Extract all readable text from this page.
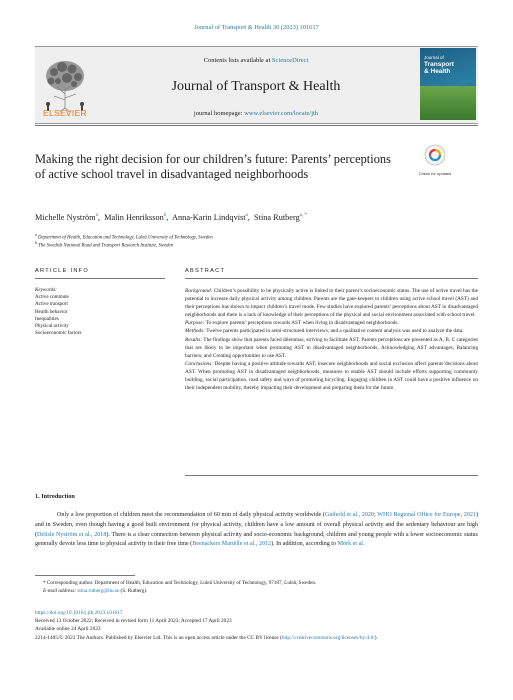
Journal of Transport & Health 30 (2023) 101617
ELSEVIER
Contents lists available at ScienceDirect
Journal of Transport & Health
journal homepage: www.elsevier.com/locate/jth
Journal of
Transport
& Health
Making the right decision for our children’s future: Parents’ perceptions of active school travel in disadvantaged neighborhoods	Check for updates
Michelle Nyström$^a$,  Malin Henriksson$^b$,  Anna-Karin Lindqvist$^a$,  Stina Rutberg$^{a, *}$
$^a$ Department of Health, Education and Technology, Luleå University of Technology, Sweden
$^b$ The Swedish National Road and Transport Research Institute, Sweden
ARTICLE INFO	ABSTRACT
Keywords:
Active commute
Active transport
Health behavior
Inequalities
Physical activity
Socioeconomic factors

Background: Children’s possibility to be physically active is linked to their parent’s socioeconomic status. The use of active travel has the potential to increase daily physical activity among children. Parents are the gate-keepers to children using active school travel (AST) and their perceptions has shown to impact children’s travel mode. Few studies have explored parents’ perceptions about AST in disadvantaged neighborhoods and there is a lack of knowledge of their perceptions of the physical and social environment associated with school travel.

Purpose: To explore parents’ perceptions towards AST when living in disadvantaged neighborhoods.

Methods: Twelve parents participated in semi-structured interviews, and a qualitative content analysis was used to analyze the data.

Results: The findings show that parents faced dilemmas, striving to facilitate AST. Parents perceptions are presented as A, B, C categories that are likely to be important when promoting AST in disadvantaged neighborhoods, Acknowledging AST advantages, Balancing barriers, and Creating opportunities to use AST.

Conclusions: Despite having a positive attitude towards AST, insecure neighborhoods and social exclusion affect parents’decisions about AST. When promoting AST in disadvantaged neighborhoods, measures to enable AST should include efforts supporting community building, social participation, road safety and ways of promoting bicycling. Engaging children in AST could have a positive influence on their independent mobility, thereby impacting their development and preparing them for the future.

1. Introduction
Only a low proportion of children meet the recommendation of 60 min of daily physical activity worldwide (Guthold et al., 2020; WHO Regional Office for Europe, 2021) and in Sweden, even though having a good built environment for physical activity, children have a low amount of overall physical activity and the sedentary behaviour are high (Delisle Nyström et al., 2018). There is a clear connection between physical activity and socio-economic background; children and young people with a lower socioeconomic status generally devote less time to physical activity in their free time (Beenackers Mariëlle et al., 2012). In addition, according to Mörk et al.
* Corresponding author. Department of Health, Education and Technology, Luleå University of Technology, 97187, Luleå, Sweden.
E-mail address: stina.rutberg@ltu.se (S. Rutberg).
https://doi.org/10.1016/j.jth.2023.101617
Received 13 October 2022; Received in revised form 11 April 2023; Accepted 17 April 2023
Available online 24 April 2023
2214-1405/© 2023 The Authors. Published by Elsevier Ltd. This is an open access article under the CC BY license (http://creativecommons.org/licenses/by/4.0/).
